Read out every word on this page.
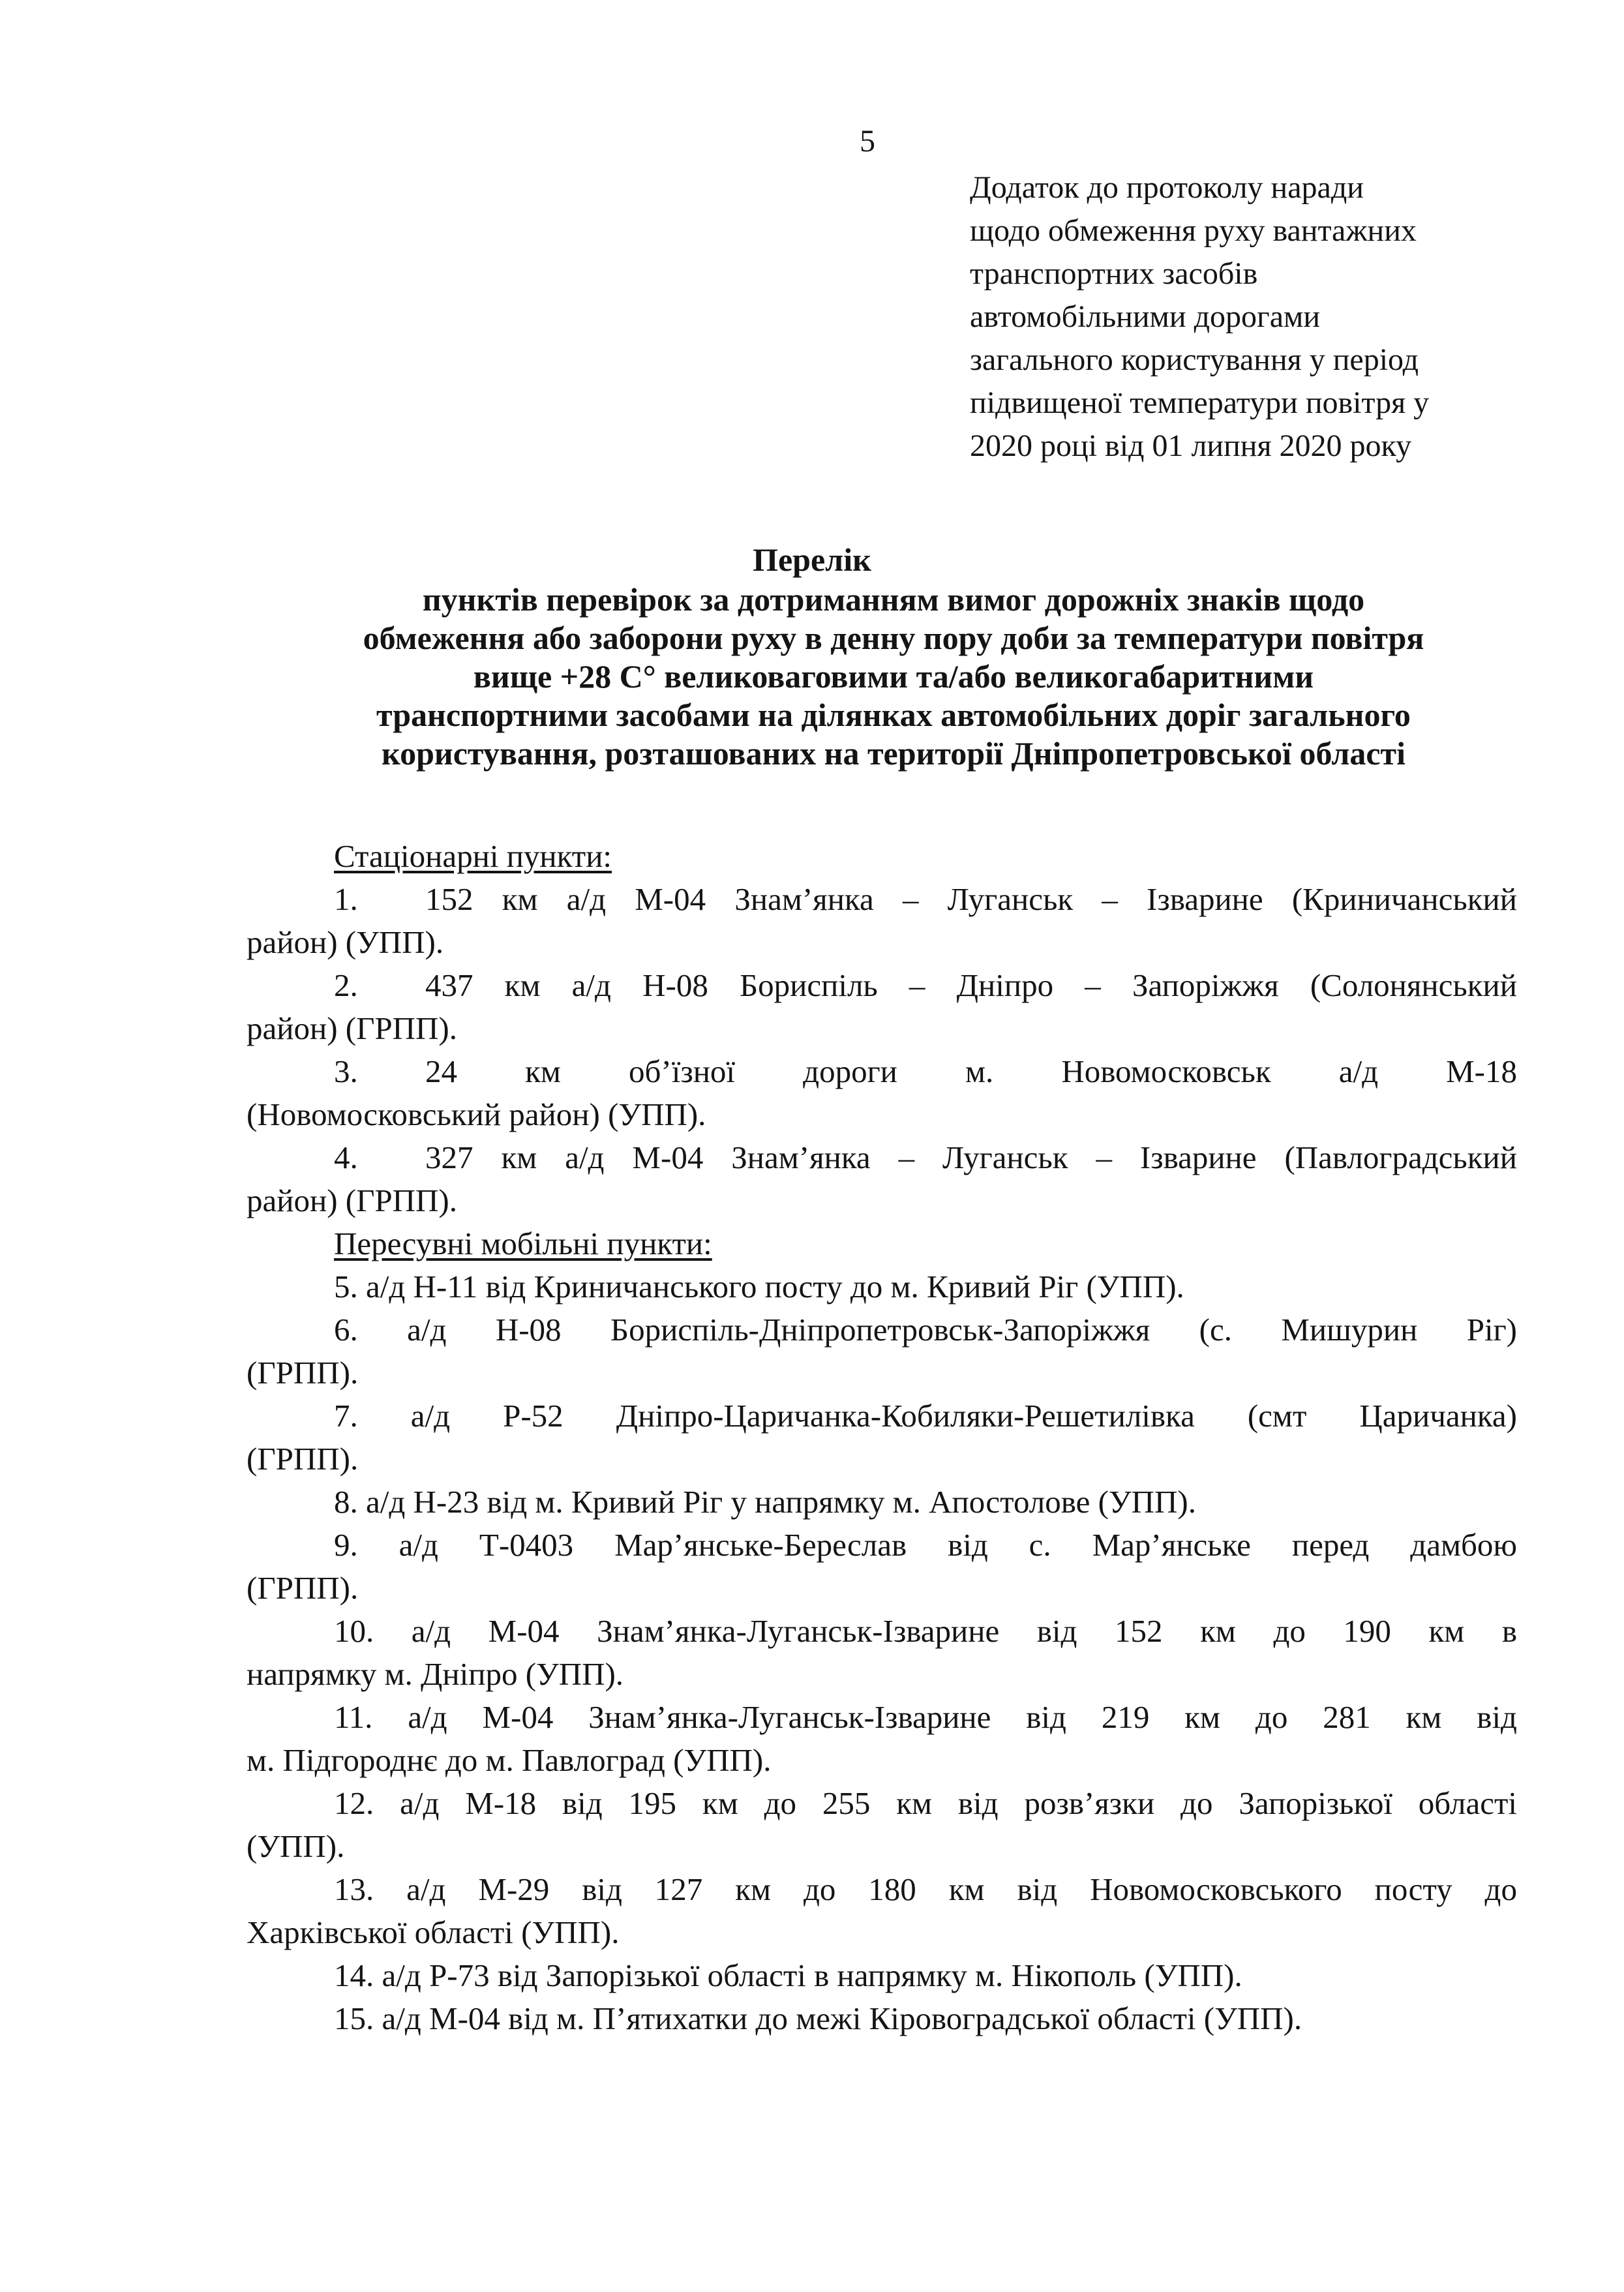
5
Додаток до протоколу наради
щодо обмеження руху вантажних
транспортних засобів
автомобільними дорогами
загального користування у період
підвищеної температури повітря у
2020 році від 01 липня 2020 року
Перелік
пунктів перевірок за дотриманням вимог дорожніх знаків щодо
обмеження або заборони руху в денну пору доби за температури повітря
вище +28 С° великоваговими та/або великогабаритними
транспортними засобами на ділянках автомобільних доріг загального
користування, розташованих на території Дніпропетровської області
Стаціонарні пункти:
1. 152 км а/д М-04 Знам’янка – Луганськ – Ізварине (Криничанський
район) (УПП).
2. 437 км а/д Н-08 Бориспіль – Дніпро – Запоріжжя (Солонянський
район) (ГРПП).
3. 24 км об’їзної дороги м. Новомосковськ а/д М-18
(Новомосковський район) (УПП).
4. 327 км а/д М-04 Знам’янка – Луганськ – Ізварине (Павлоградський
район) (ГРПП).
Пересувні мобільні пункти:
5. а/д Н-11 від Криничанського посту до м. Кривий Ріг (УПП).
6. а/д Н-08 Бориспіль-Дніпропетровськ-Запоріжжя (с. Мишурин Ріг)
(ГРПП).
7. а/д Р-52 Дніпро-Царичанка-Кобиляки-Решетилівка (смт Царичанка)
(ГРПП).
8. а/д Н-23 від м. Кривий Ріг у напрямку м. Апостолове (УПП).
9. а/д Т-0403 Мар’янське-Береслав від с. Мар’янське перед дамбою
(ГРПП).
10. а/д М-04 Знам’янка-Луганськ-Ізварине від 152 км до 190 км в
напрямку м. Дніпро (УПП).
11. а/д М-04 Знам’янка-Луганськ-Ізварине від 219 км до 281 км від
м. Підгороднє до м. Павлоград (УПП).
12. а/д М-18 від 195 км до 255 км від розв’язки до Запорізької області
(УПП).
13. а/д М-29 від 127 км до 180 км від Новомосковського посту до
Харківської області (УПП).
14. а/д Р-73 від Запорізької області в напрямку м. Нікополь (УПП).
15. а/д М-04 від м. П’ятихатки до межі Кіровоградської області (УПП).
